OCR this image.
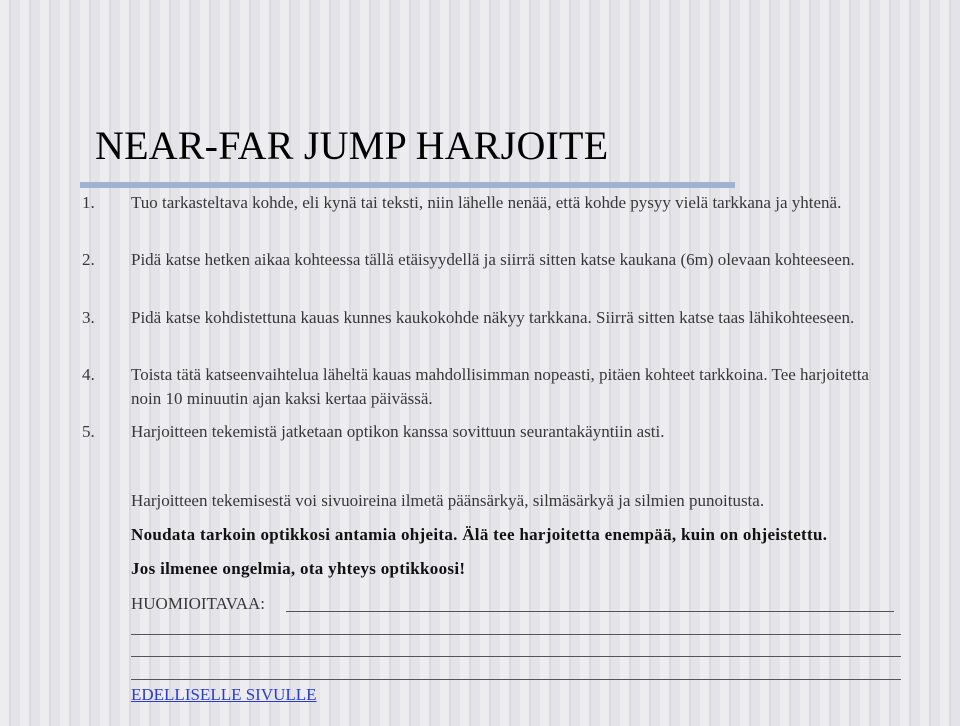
NEAR-FAR JUMP HARJOITE
1. Tuo tarkasteltava kohde, eli kynä tai teksti, niin lähelle nenää, että kohde pysyy vielä tarkkana ja yhtenä.
2. Pidä katse hetken aikaa kohteessa tällä etäisyydellä ja siirrä sitten katse kaukana (6m) olevaan kohteeseen.
3. Pidä katse kohdistettuna kauas kunnes kaukokohde näkyy tarkkana. Siirrä sitten katse taas lähikohteeseen.
4. Toista tätä katseenvaihtelua läheltä kauas mahdollisimman nopeasti, pitäen kohteet tarkkoina. Tee harjoitetta noin 10 minuutin ajan kaksi kertaa päivässä.
5. Harjoitteen tekemistä jatketaan optikon kanssa sovittuun seurantakäyntiin asti.
Harjoitteen tekemisestä voi sivuoireina ilmetä päänsärkyä, silmäsärkyä ja silmien punoitusta.
Noudata tarkoin optikkosi antamia ohjeita. Älä tee harjoitetta enempää, kuin on ohjeistettu.
Jos ilmenee ongelmia, ota yhteys optikkoosi!
HUOMIOITAVAA:
EDELLISELLE SIVULLE
